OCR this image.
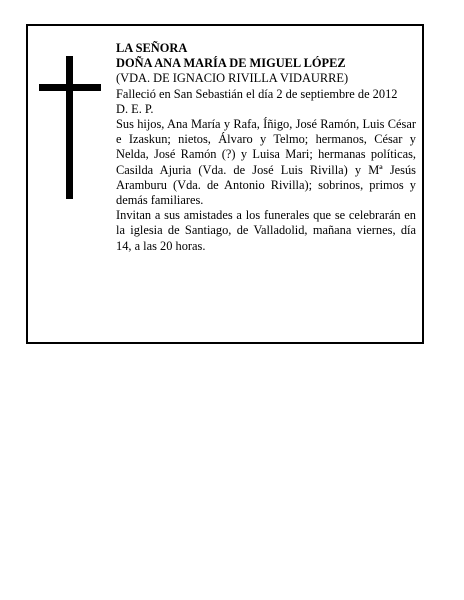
LA SEÑORA

DOÑA ANA MARÍA DE MIGUEL LÓPEZ

(VDA. DE IGNACIO RIVILLA VIDAURRE)

Falleció en San Sebastián el día 2 de septiembre de 2012

D. E. P.

Sus hijos, Ana María y Rafa, Íñigo, José Ramón, Luis César e Izaskun; nietos, Álvaro y Telmo; hermanos, César y Nelda, José Ramón (?) y Luisa Mari; hermanas políticas, Casilda Ajuria (Vda. de José Luis Rivilla) y Mª Jesús Aramburu (Vda. de Antonio Rivilla); sobrinos, primos y demás familiares.

Invitan a sus amistades a los funerales que se celebrarán en la iglesia de Santiago, de Valladolid, mañana viernes, día 14, a las 20 horas.
